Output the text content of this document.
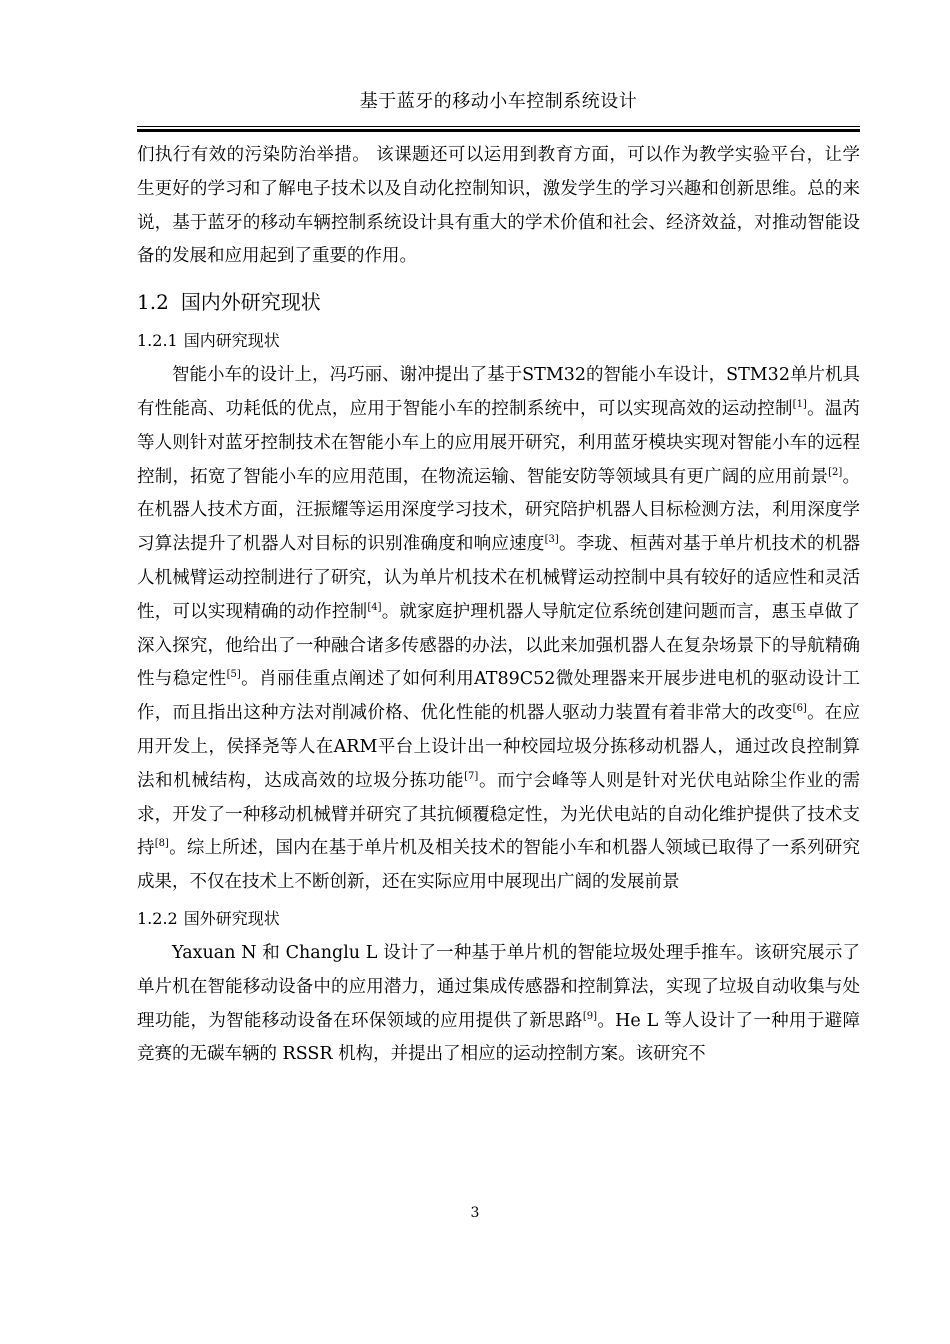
基于蓝牙的移动小车控制系统设计

们执行有效的污染防治举措。 该课题还可以运用到教育方面，可以作为教学实验平台，让学生更好的学习和了解电子技术以及自动化控制知识，激发学生的学习兴趣和创新思维。总的来说，基于蓝牙的移动车辆控制系统设计具有重大的学术价值和社会、经济效益，对推动智能设备的发展和应用起到了重要的作用。

1.2 国内外研究现状
1.2.1 国内研究现状

智能小车的设计上，冯巧丽、谢冲提出了基于STM32的智能小车设计，STM32单片机具有性能高、功耗低的优点，应用于智能小车的控制系统中，可以实现高效的运动控制[1]。温芮等人则针对蓝牙控制技术在智能小车上的应用展开研究，利用蓝牙模块实现对智能小车的远程控制，拓宽了智能小车的应用范围，在物流运输、智能安防等领域具有更广阔的应用前景[2]。在机器人技术方面，汪振耀等运用深度学习技术，研究陪护机器人目标检测方法，利用深度学习算法提升了机器人对目标的识别准确度和响应速度[3]。李珑、桓茜对基于单片机技术的机器人机械臂运动控制进行了研究，认为单片机技术在机械臂运动控制中具有较好的适应性和灵活性，可以实现精确的动作控制[4]。就家庭护理机器人导航定位系统创建问题而言，惠玉卓做了深入探究，他给出了一种融合诸多传感器的办法，以此来加强机器人在复杂场景下的导航精确性与稳定性[5]。肖丽佳重点阐述了如何利用AT89C52微处理器来开展步进电机的驱动设计工作，而且指出这种方法对削减价格、优化性能的机器人驱动力装置有着非常大的改变[6]。在应用开发上，侯择尧等人在ARM平台上设计出一种校园垃圾分拣移动机器人，通过改良控制算法和机械结构，达成高效的垃圾分拣功能[7]。而宁会峰等人则是针对光伏电站除尘作业的需求，开发了一种移动机械臂并研究了其抗倾覆稳定性，为光伏电站的自动化维护提供了技术支持[8]。综上所述，国内在基于单片机及相关技术的智能小车和机器人领域已取得了一系列研究成果，不仅在技术上不断创新，还在实际应用中展现出广阔的发展前景

1.2.2 国外研究现状

Yaxuan N 和 Changlu L 设计了一种基于单片机的智能垃圾处理手推车。该研究展示了单片机在智能移动设备中的应用潜力，通过集成传感器和控制算法，实现了垃圾自动收集与处理功能，为智能移动设备在环保领域的应用提供了新思路[9]。He L 等人设计了一种用于避障竞赛的无碳车辆的 RSSR 机构，并提出了相应的运动控制方案。该研究不

3
